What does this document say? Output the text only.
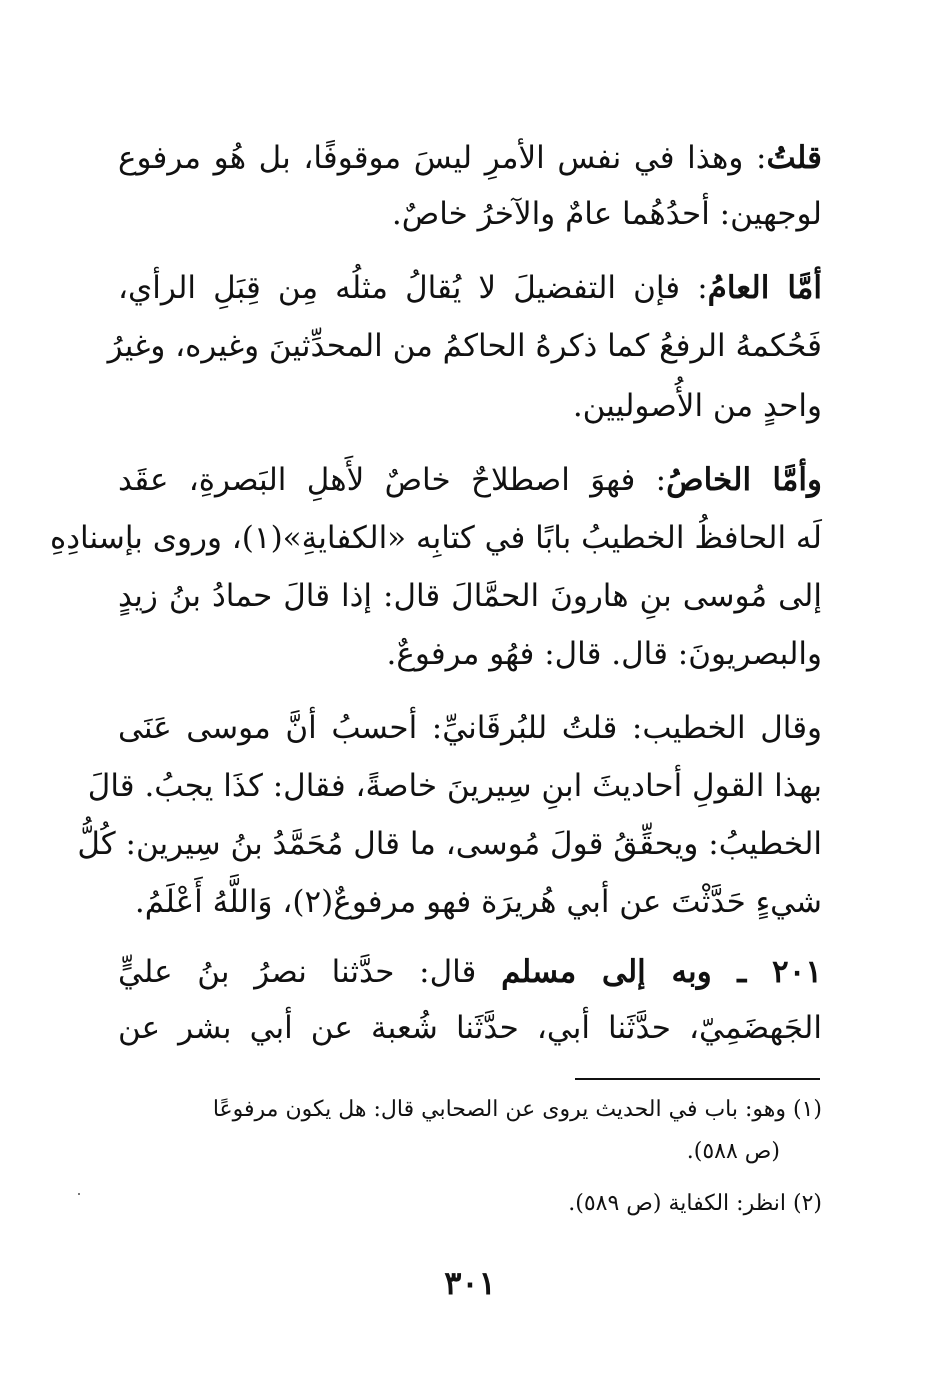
قلتُ: وهذا في نفس الأمرِ ليسَ موقوفًا، بل هُو مرفوع
لوجهين: أحدُهُما عامٌ والآخرُ خاصٌ.
أمَّا العامُ: فإن التفضيلَ لا يُقالُ مثلُه مِن قِبَلِ الرأي،
فَحُكمهُ الرفعُ كما ذكرهُ الحاكمُ من المحدِّثينَ وغيره، وغيرُ
واحدٍ من الأُصوليين.
وأمَّا الخاصُ: فهوَ اصطلاحٌ خاصٌ لأَهلِ البَصرةِ، عقَد
لَه الحافظُ الخطيبُ بابًا في كتابِه «الكفايةِ»(١)، وروى بإسنادِهِ
إلى مُوسى بنِ هارونَ الحمَّالَ قال: إذا قالَ حمادُ بنُ زيدٍ
والبصريونَ: قال. قال: فهُو مرفوعٌ.
وقال الخطيب: قلتُ للبُرقَانيِّ: أحسبُ أنَّ موسى عَنَى
بهذا القولِ أحاديثَ ابنِ سِيرينَ خاصةً، فقال: كذَا يجبُ. قالَ
الخطيبُ: ويحقِّقُ قولَ مُوسى، ما قال مُحَمَّدُ بنُ سِيرين: كُلُّ
شيءٍ حَدَّثْتَ عن أبي هُريرَة فهو مرفوعٌ(٢)، وَاللَّهُ أَعْلَمُ.
٢٠١ ـ وبه إلى مسلم قال: حدَّثنا نصرُ بنُ عليٍّ
الجَهضَمِيّ، حدَّثَنا أبي، حدَّثَنا شُعبة عن أبي بشر عن
(١) وهو: باب في الحديث يروى عن الصحابي قال: هل يكون مرفوعًا
(ص ٥٨٨).
(٢) انظر: الكفاية (ص ٥٨٩).
٣٠١
